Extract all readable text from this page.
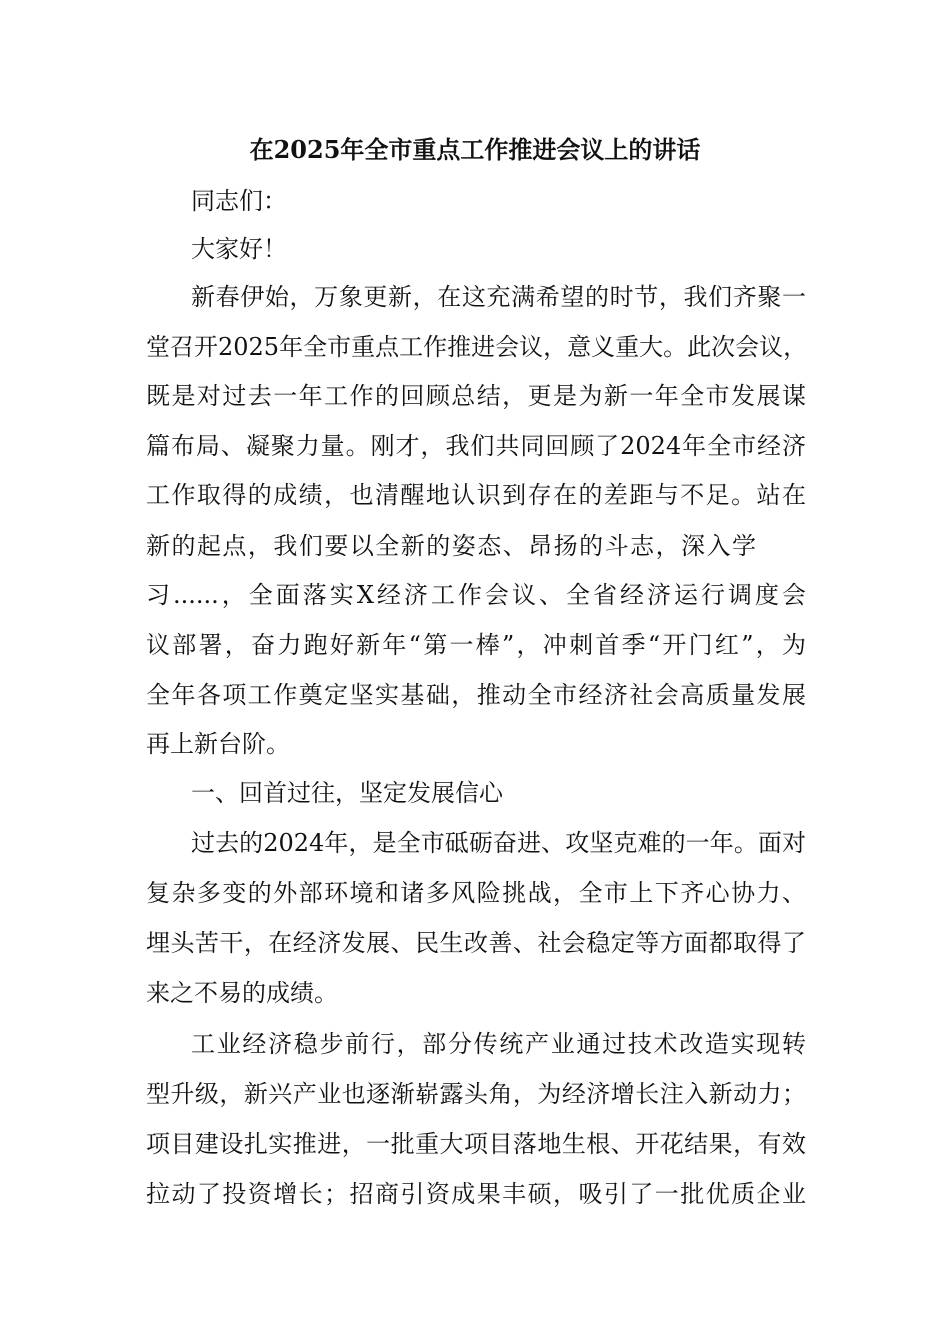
在2025年全市重点工作推进会议上的讲话

同志们：

大家好！

新春伊始，万象更新，在这充满希望的时节，我们齐聚一

堂召开2025年全市重点工作推进会议，意义重大。此次会议，

既是对过去一年工作的回顾总结，更是为新一年全市发展谋

篇布局、凝聚力量。刚才，我们共同回顾了2024年全市经济

工作取得的成绩，也清醒地认识到存在的差距与不足。站在

新的起点，我们要以全新的姿态、昂扬的斗志，深入学

习......，全面落实X经济工作会议、全省经济运行调度会

议部署，奋力跑好新年“第一棒”，冲刺首季“开门红”，为

全年各项工作奠定坚实基础，推动全市经济社会高质量发展

再上新台阶。

一、回首过往，坚定发展信心

过去的2024年，是全市砥砺奋进、攻坚克难的一年。面对

复杂多变的外部环境和诸多风险挑战，全市上下齐心协力、

埋头苦干，在经济发展、民生改善、社会稳定等方面都取得了

来之不易的成绩。

工业经济稳步前行，部分传统产业通过技术改造实现转

型升级，新兴产业也逐渐崭露头角，为经济增长注入新动力；

项目建设扎实推进，一批重大项目落地生根、开花结果，有效

拉动了投资增长；招商引资成果丰硕，吸引了一批优质企业
